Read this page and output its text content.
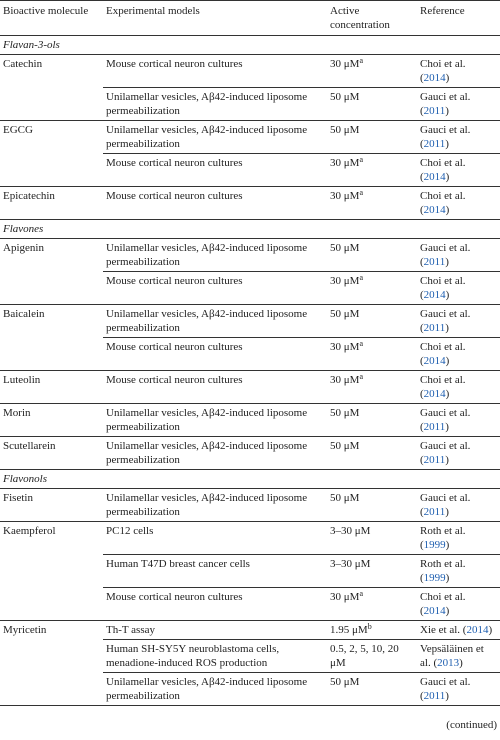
Bioactive molecule	Experimental models	Active concentration	Reference
Flavan-3-ols			
Catechin	Mouse cortical neuron cultures	30 $\mu M^a$	Choi et al. (2014)
	Unilamellar vesicles, Aβ42-induced liposome permeabilization	50 μM	Gauci et al. (2011)
EGCG	Unilamellar vesicles, Aβ42-induced liposome permeabilization	50 μM	Gauci et al. (2011)
	Mouse cortical neuron cultures	30 $\mu M^a$	Choi et al. (2014)
Epicatechin	Mouse cortical neuron cultures	30 $\mu M^a$	Choi et al. (2014)
Flavones			
Apigenin	Unilamellar vesicles, Aβ42-induced liposome permeabilization	50 μM	Gauci et al. (2011)
	Mouse cortical neuron cultures	30 $\mu M^a$	Choi et al. (2014)
Baicalein	Unilamellar vesicles, Aβ42-induced liposome permeabilization	50 μM	Gauci et al. (2011)
	Mouse cortical neuron cultures	30 $\mu M^a$	Choi et al. (2014)
Luteolin	Mouse cortical neuron cultures	30 $\mu M^a$	Choi et al. (2014)
Morin	Unilamellar vesicles, Aβ42-induced liposome permeabilization	50 μM	Gauci et al. (2011)
Scutellarein	Unilamellar vesicles, Aβ42-induced liposome permeabilization	50 μM	Gauci et al. (2011)
Flavonols			
Fisetin	Unilamellar vesicles, Aβ42-induced liposome permeabilization	50 μM	Gauci et al. (2011)
Kaempferol	PC12 cells	3–30 μM	Roth et al. (1999)
	Human T47D breast cancer cells	3–30 μM	Roth et al. (1999)
	Mouse cortical neuron cultures	30 $\mu M^a$	Choi et al. (2014)
Myricetin	Th-T assay	1.95 $\mu M^b$	Xie et al. (2014)
	Human SH-SY5Y neuroblastoma cells, menadione-induced ROS production	0.5, 2, 5, 10, 20 μM	Vepsäläinen et al. (2013)
	Unilamellar vesicles, Aβ42-induced liposome permeabilization	50 μM	Gauci et al. (2011)
(continued)
